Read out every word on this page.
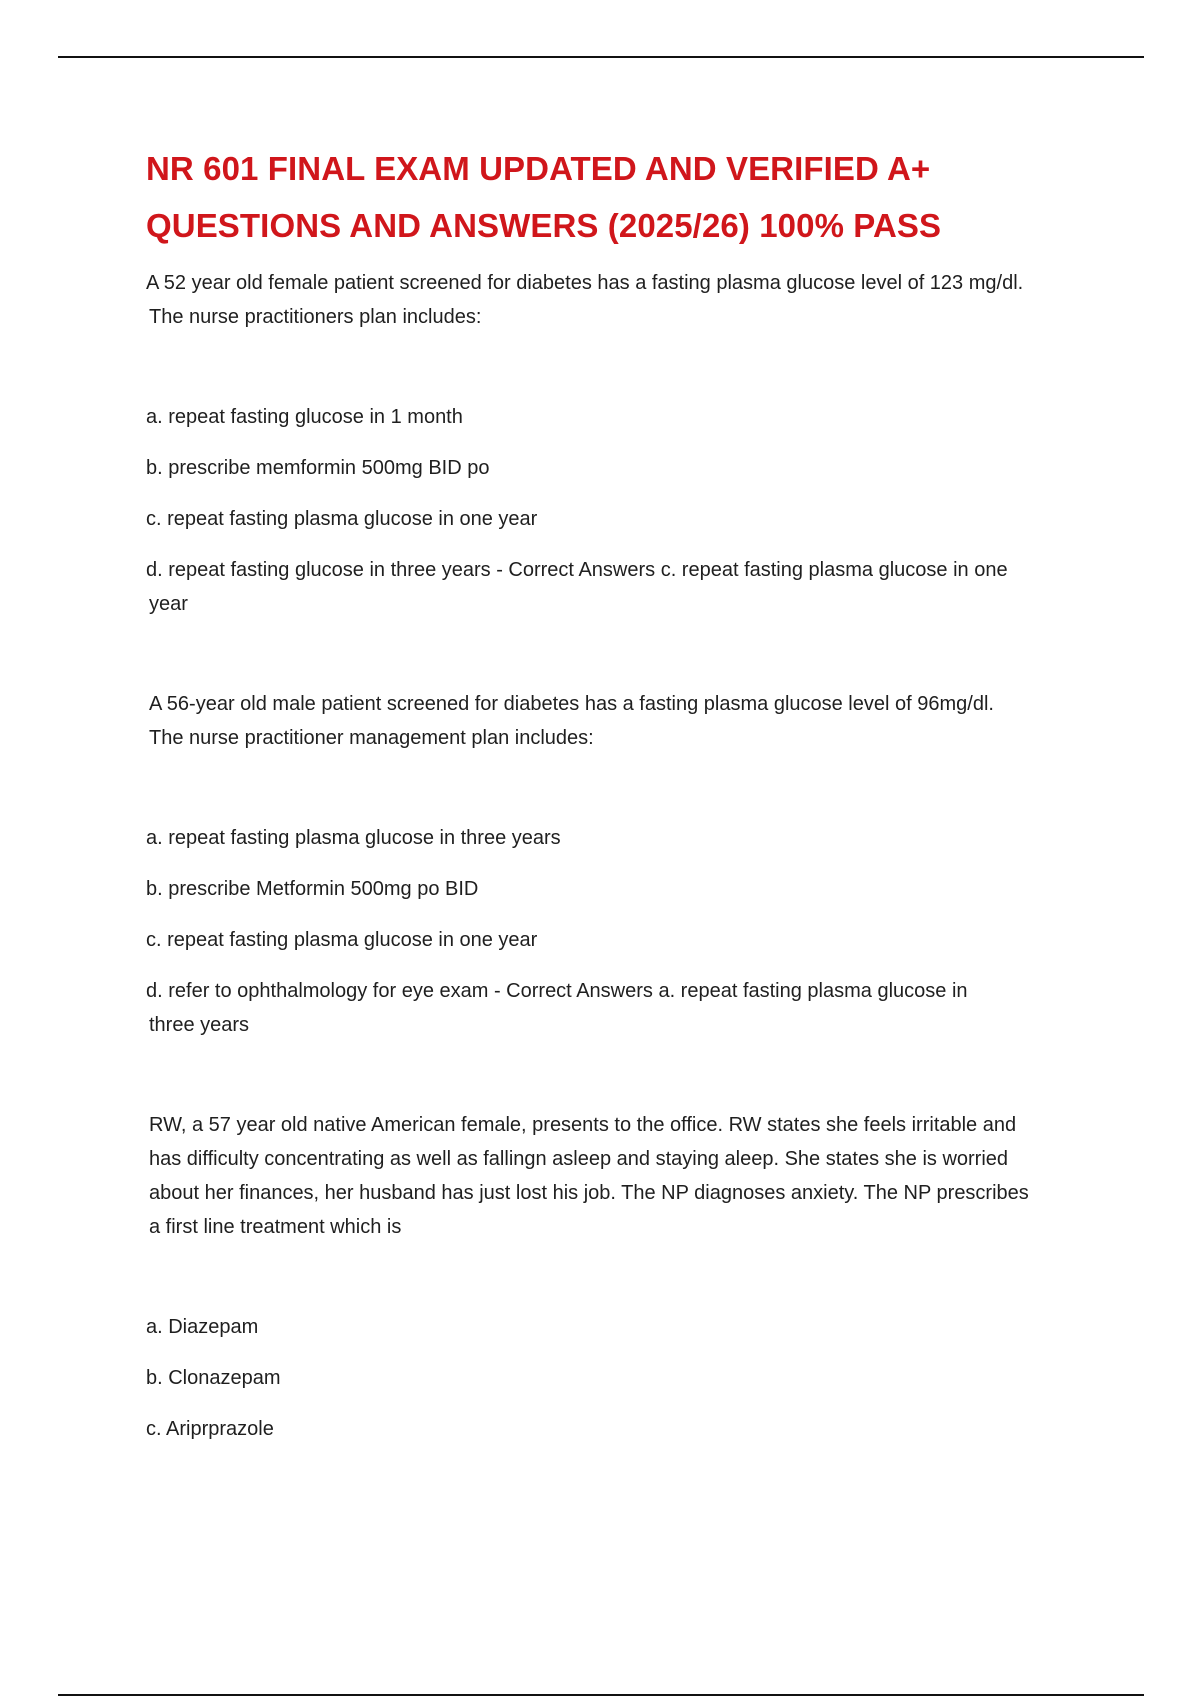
NR 601 FINAL EXAM UPDATED AND VERIFIED A+
QUESTIONS AND ANSWERS (2025/26) 100% PASS

A 52 year old female patient screened for diabetes has a fasting plasma glucose level of 123 mg/dl.
The nurse practitioners plan includes:

a. repeat fasting glucose in 1 month

b. prescribe memformin 500mg BID po

c. repeat fasting plasma glucose in one year

d. repeat fasting glucose in three years - Correct Answers c. repeat fasting plasma glucose in one
year

A 56-year old male patient screened for diabetes has a fasting plasma glucose level of 96mg/dl.
The nurse practitioner management plan includes:

a. repeat fasting plasma glucose in three years

b. prescribe Metformin 500mg po BID

c. repeat fasting plasma glucose in one year

d. refer to ophthalmology for eye exam - Correct Answers a. repeat fasting plasma glucose in
three years

RW, a 57 year old native American female, presents to the office. RW states she feels irritable and
has difficulty concentrating as well as fallingn asleep and staying aleep. She states she is worried
about her finances, her husband has just lost his job. The NP diagnoses anxiety. The NP prescribes
a first line treatment which is

a. Diazepam

b. Clonazepam

c. Ariprprazole
